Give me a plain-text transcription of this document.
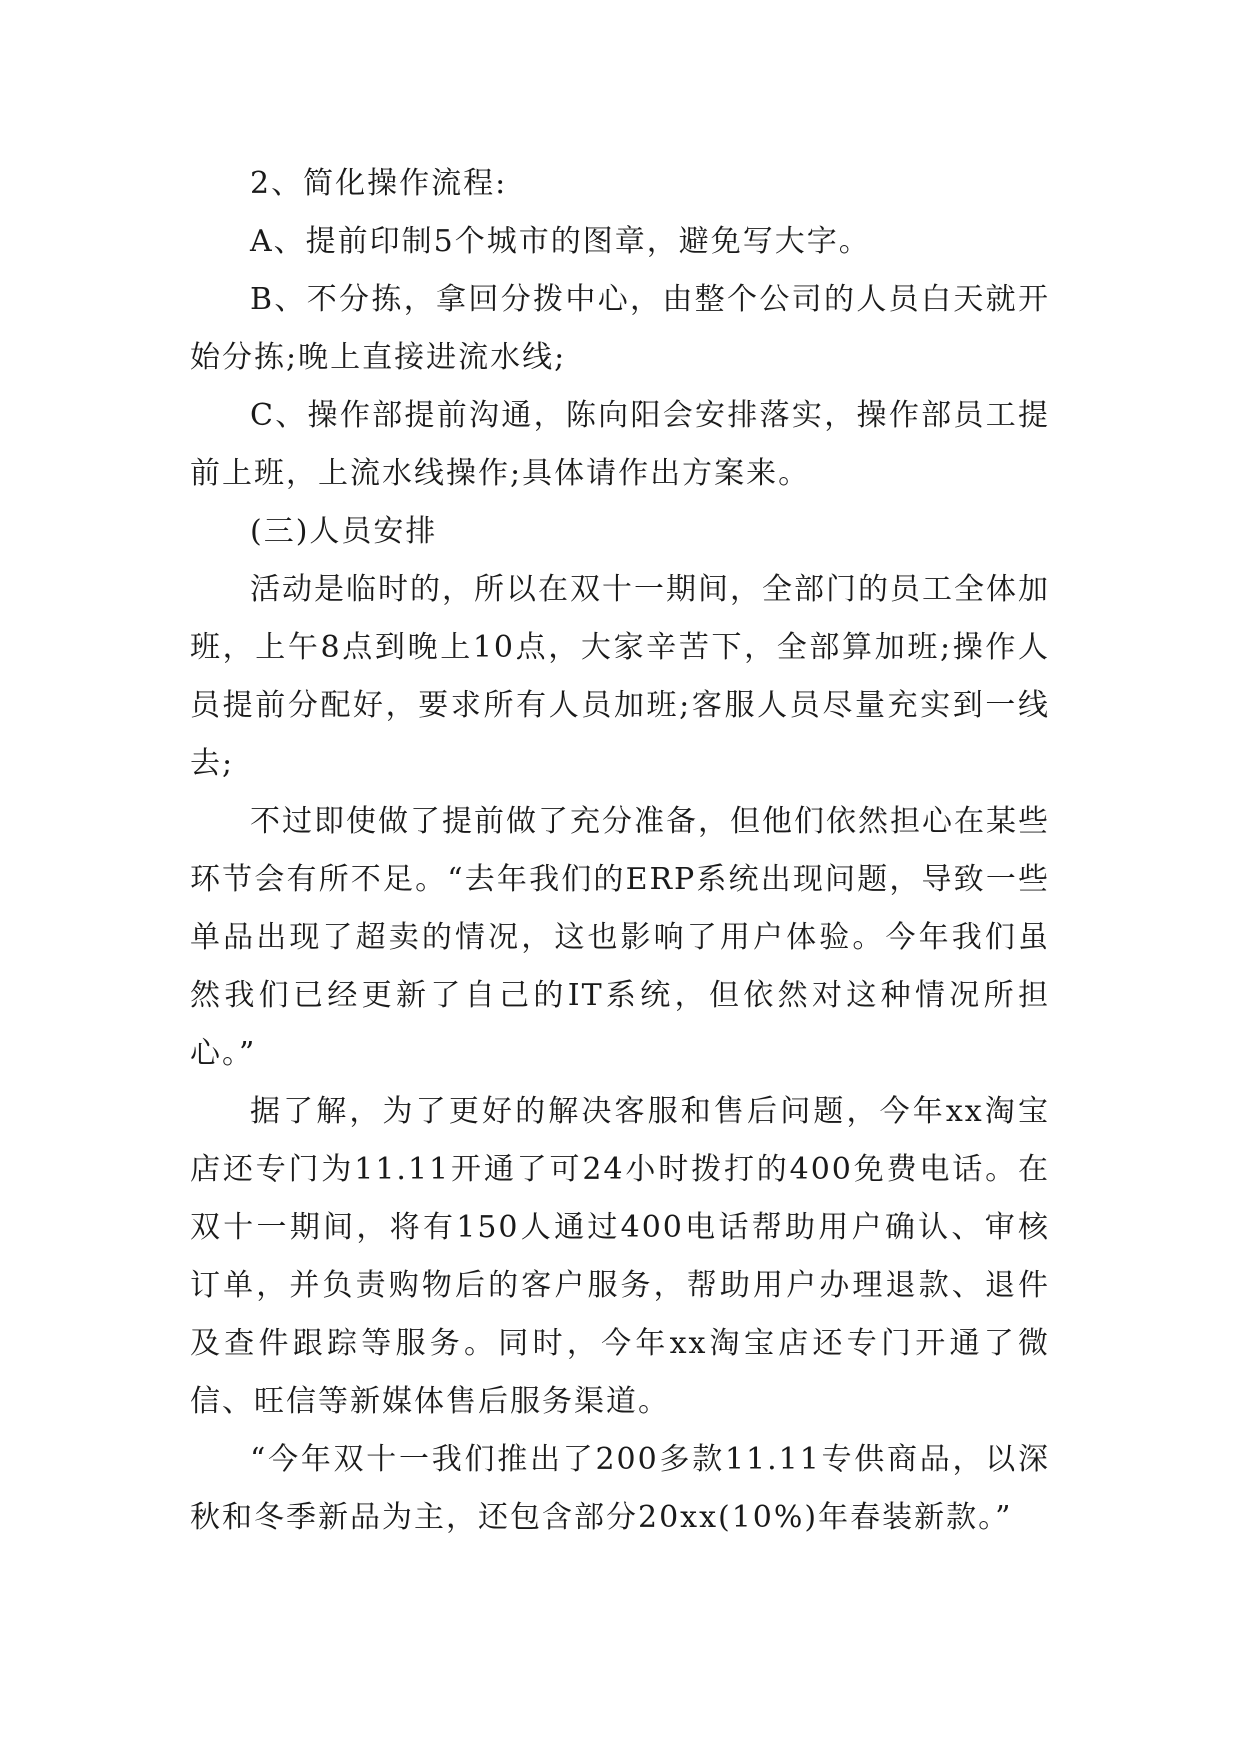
2、简化操作流程:

A、提前印制5个城市的图章，避免写大字。

B、不分拣，拿回分拨中心，由整个公司的人员白天就开始分拣;晚上直接进流水线;

C、操作部提前沟通，陈向阳会安排落实，操作部员工提前上班，上流水线操作;具体请作出方案来。

(三)人员安排

活动是临时的，所以在双十一期间，全部门的员工全体加班，上午8点到晚上10点，大家辛苦下，全部算加班;操作人员提前分配好，要求所有人员加班;客服人员尽量充实到一线去;

不过即使做了提前做了充分准备，但他们依然担心在某些环节会有所不足。“去年我们的ERP系统出现问题，导致一些单品出现了超卖的情况，这也影响了用户体验。今年我们虽然我们已经更新了自己的IT系统，但依然对这种情况所担心。”

据了解，为了更好的解决客服和售后问题，今年xx淘宝店还专门为11.11开通了可24小时拨打的400免费电话。在双十一期间，将有150人通过400电话帮助用户确认、审核订单，并负责购物后的客户服务，帮助用户办理退款、退件及查件跟踪等服务。同时，今年xx淘宝店还专门开通了微信、旺信等新媒体售后服务渠道。

“今年双十一我们推出了200多款11.11专供商品，以深秋和冬季新品为主，还包含部分20xx(10%)年春装新款。”
